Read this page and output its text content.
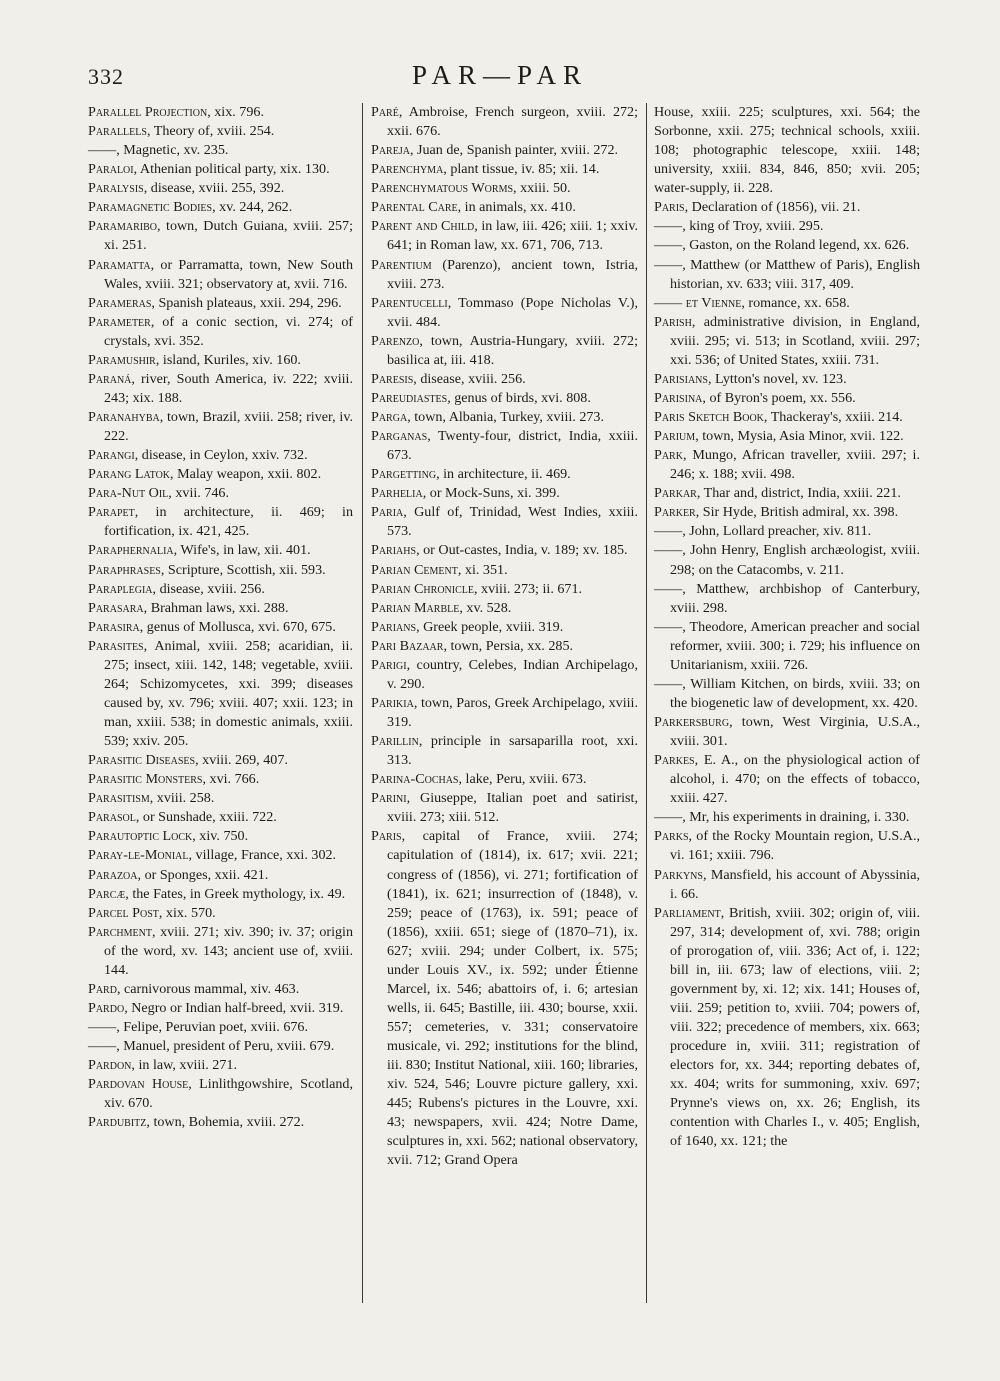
332	PAR—PAR

Parallel Projection, xix. 796.

Parallels, Theory of, xviii. 254.

——, Magnetic, xv. 235.

Paraloi, Athenian political party, xix. 130.

Paralysis, disease, xviii. 255, 392.

Paramagnetic Bodies, xv. 244, 262.

Paramaribo, town, Dutch Guiana, xviii. 257; xi. 251.

Paramatta, or Parramatta, town, New South Wales, xviii. 321; observatory at, xvii. 716.

Parameras, Spanish plateaus, xxii. 294, 296.

Parameter, of a conic section, vi. 274; of crystals, xvi. 352.

Paramushir, island, Kuriles, xiv. 160.

Paraná, river, South America, iv. 222; xviii. 243; xix. 188.

Paranahyba, town, Brazil, xviii. 258; river, iv. 222.

Parangi, disease, in Ceylon, xxiv. 732.

Parang Latok, Malay weapon, xxii. 802.

Para-Nut Oil, xvii. 746.

Parapet, in architecture, ii. 469; in fortification, ix. 421, 425.

Paraphernalia, Wife's, in law, xii. 401.

Paraphrases, Scripture, Scottish, xii. 593.

Paraplegia, disease, xviii. 256.

Parasara, Brahman laws, xxi. 288.

Parasira, genus of Mollusca, xvi. 670, 675.

Parasites, Animal, xviii. 258; acaridian, ii. 275; insect, xiii. 142, 148; vegetable, xviii. 264; Schizomycetes, xxi. 399; diseases caused by, xv. 796; xviii. 407; xxii. 123; in man, xxiii. 538; in domestic animals, xxiii. 539; xxiv. 205.

Parasitic Diseases, xviii. 269, 407.

Parasitic Monsters, xvi. 766.

Parasitism, xviii. 258.

Parasol, or Sunshade, xxiii. 722.

Parautoptic Lock, xiv. 750.

Paray-le-Monial, village, France, xxi. 302.

Parazoa, or Sponges, xxii. 421.

Parcæ, the Fates, in Greek mythology, ix. 49.

Parcel Post, xix. 570.

Parchment, xviii. 271; xiv. 390; iv. 37; origin of the word, xv. 143; ancient use of, xviii. 144.

Pard, carnivorous mammal, xiv. 463.

Pardo, Negro or Indian half-breed, xvii. 319.

——, Felipe, Peruvian poet, xviii. 676.

——, Manuel, president of Peru, xviii. 679.

Pardon, in law, xviii. 271.

Pardovan House, Linlithgowshire, Scotland, xiv. 670.

Pardubitz, town, Bohemia, xviii. 272.

Paré, Ambroise, French surgeon, xviii. 272; xxii. 676.

Pareja, Juan de, Spanish painter, xviii. 272.

Parenchyma, plant tissue, iv. 85; xii. 14.

Parenchymatous Worms, xxiii. 50.

Parental Care, in animals, xx. 410.

Parent and Child, in law, iii. 426; xiii. 1; xxiv. 641; in Roman law, xx. 671, 706, 713.

Parentium (Parenzo), ancient town, Istria, xviii. 273.

Parentucelli, Tommaso (Pope Nicholas V.), xvii. 484.

Parenzo, town, Austria-Hungary, xviii. 272; basilica at, iii. 418.

Paresis, disease, xviii. 256.

Pareudiastes, genus of birds, xvi. 808.

Parga, town, Albania, Turkey, xviii. 273.

Parganas, Twenty-four, district, India, xxiii. 673.

Pargetting, in architecture, ii. 469.

Parhelia, or Mock-Suns, xi. 399.

Paria, Gulf of, Trinidad, West Indies, xxiii. 573.

Pariahs, or Out-castes, India, v. 189; xv. 185.

Parian Cement, xi. 351.

Parian Chronicle, xviii. 273; ii. 671.

Parian Marble, xv. 528.

Parians, Greek people, xviii. 319.

Pari Bazaar, town, Persia, xx. 285.

Parigi, country, Celebes, Indian Archipelago, v. 290.

Parikia, town, Paros, Greek Archipelago, xviii. 319.

Parillin, principle in sarsaparilla root, xxi. 313.

Parina-Cochas, lake, Peru, xviii. 673.

Parini, Giuseppe, Italian poet and satirist, xviii. 273; xiii. 512.

Paris, capital of France, xviii. 274; capitulation of (1814), ix. 617; xvii. 221; congress of (1856), vi. 271; fortification of (1841), ix. 621; insurrection of (1848), v. 259; peace of (1763), ix. 591; peace of (1856), xxiii. 651; siege of (1870–71), ix. 627; xviii. 294; under Colbert, ix. 575; under Louis XV., ix. 592; under Étienne Marcel, ix. 546; abattoirs of, i. 6; artesian wells, ii. 645; Bastille, iii. 430; bourse, xxii. 557; cemeteries, v. 331; conservatoire musicale, vi. 292; institutions for the blind, iii. 830; Institut National, xiii. 160; libraries, xiv. 524, 546; Louvre picture gallery, xxi. 445; Rubens's pictures in the Louvre, xxi. 43; newspapers, xvii. 424; Notre Dame, sculptures in, xxi. 562; national observatory, xvii. 712; Grand Opera

House, xxiii. 225; sculptures, xxi. 564; the Sorbonne, xxii. 275; technical schools, xxiii. 108; photographic telescope, xxiii. 148; university, xxiii. 834, 846, 850; xvii. 205; water-supply, ii. 228.

Paris, Declaration of (1856), vii. 21.

——, king of Troy, xviii. 295.

——, Gaston, on the Roland legend, xx. 626.

——, Matthew (or Matthew of Paris), English historian, xv. 633; viii. 317, 409.

—— et Vienne, romance, xx. 658.

Parish, administrative division, in England, xviii. 295; vi. 513; in Scotland, xviii. 297; xxi. 536; of United States, xxiii. 731.

Parisians, Lytton's novel, xv. 123.

Parisina, of Byron's poem, xx. 556.

Paris Sketch Book, Thackeray's, xxiii. 214.

Parium, town, Mysia, Asia Minor, xvii. 122.

Park, Mungo, African traveller, xviii. 297; i. 246; x. 188; xvii. 498.

Parkar, Thar and, district, India, xxiii. 221.

Parker, Sir Hyde, British admiral, xx. 398.

——, John, Lollard preacher, xiv. 811.

——, John Henry, English archæologist, xviii. 298; on the Catacombs, v. 211.

——, Matthew, archbishop of Canterbury, xviii. 298.

——, Theodore, American preacher and social reformer, xviii. 300; i. 729; his influence on Unitarianism, xxiii. 726.

——, William Kitchen, on birds, xviii. 33; on the biogenetic law of development, xx. 420.

Parkersburg, town, West Virginia, U.S.A., xviii. 301.

Parkes, E. A., on the physiological action of alcohol, i. 470; on the effects of tobacco, xxiii. 427.

——, Mr, his experiments in draining, i. 330.

Parks, of the Rocky Mountain region, U.S.A., vi. 161; xxiii. 796.

Parkyns, Mansfield, his account of Abyssinia, i. 66.

Parliament, British, xviii. 302; origin of, viii. 297, 314; development of, xvi. 788; origin of prorogation of, viii. 336; Act of, i. 122; bill in, iii. 673; law of elections, viii. 2; government by, xi. 12; xix. 141; Houses of, viii. 259; petition to, xviii. 704; powers of, viii. 322; precedence of members, xix. 663; procedure in, xviii. 311; registration of electors for, xx. 344; reporting debates of, xx. 404; writs for summoning, xxiv. 697; Prynne's views on, xx. 26; English, its contention with Charles I., v. 405; English, of 1640, xx. 121; the
